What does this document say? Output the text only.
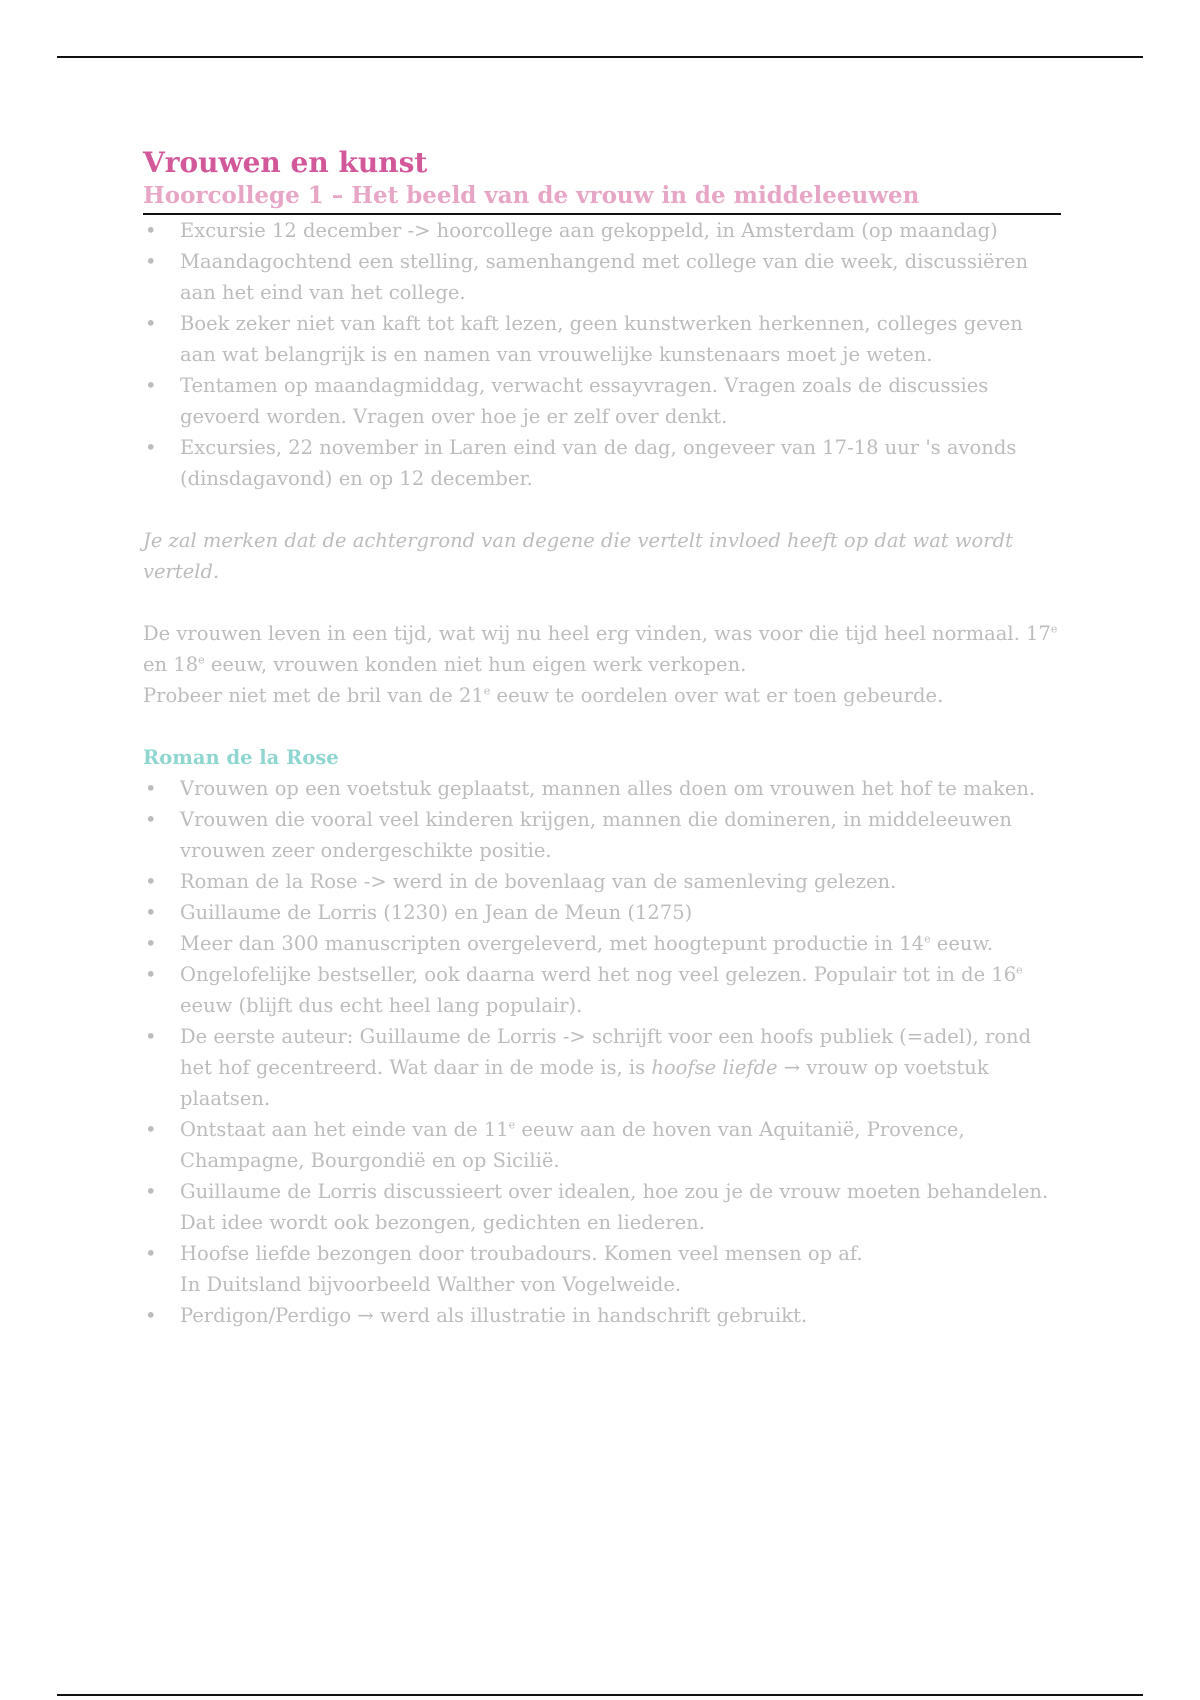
Vrouwen en kunst
Hoorcollege 1 – Het beeld van de vrouw in de middeleeuwen
• Excursie 12 december -> hoorcollege aan gekoppeld, in Amsterdam (op maandag)
• Maandagochtend een stelling, samenhangend met college van die week, discussiëren aan het eind van het college.
• Boek zeker niet van kaft tot kaft lezen, geen kunstwerken herkennen, colleges geven aan wat belangrijk is en namen van vrouwelijke kunstenaars moet je weten.
• Tentamen op maandagmiddag, verwacht essayvragen. Vragen zoals de discussies gevoerd worden. Vragen over hoe je er zelf over denkt.
• Excursies, 22 november in Laren eind van de dag, ongeveer van 17-18 uur 's avonds (dinsdagavond) en op 12 december.

Je zal merken dat de achtergrond van degene die vertelt invloed heeft op dat wat wordt verteld.

De vrouwen leven in een tijd, wat wij nu heel erg vinden, was voor die tijd heel normaal. 17e en 18e eeuw, vrouwen konden niet hun eigen werk verkopen.
Probeer niet met de bril van de 21e eeuw te oordelen over wat er toen gebeurde.

Roman de la Rose
• Vrouwen op een voetstuk geplaatst, mannen alles doen om vrouwen het hof te maken.
• Vrouwen die vooral veel kinderen krijgen, mannen die domineren, in middeleeuwen vrouwen zeer ondergeschikte positie.
• Roman de la Rose -> werd in de bovenlaag van de samenleving gelezen.
• Guillaume de Lorris (1230) en Jean de Meun (1275)
• Meer dan 300 manuscripten overgeleverd, met hoogtepunt productie in 14e eeuw.
• Ongelofelijke bestseller, ook daarna werd het nog veel gelezen. Populair tot in de 16e eeuw (blijft dus echt heel lang populair).
• De eerste auteur: Guillaume de Lorris -> schrijft voor een hoofs publiek (=adel), rond het hof gecentreerd. Wat daar in de mode is, is hoofse liefde → vrouw op voetstuk plaatsen.
• Ontstaat aan het einde van de 11e eeuw aan de hoven van Aquitanië, Provence, Champagne, Bourgondië en op Sicilië.
• Guillaume de Lorris discussieert over idealen, hoe zou je de vrouw moeten behandelen. Dat idee wordt ook bezongen, gedichten en liederen.
• Hoofse liefde bezongen door troubadours. Komen veel mensen op af.
In Duitsland bijvoorbeeld Walther von Vogelweide.
• Perdigon/Perdigo → werd als illustratie in handschrift gebruikt.
